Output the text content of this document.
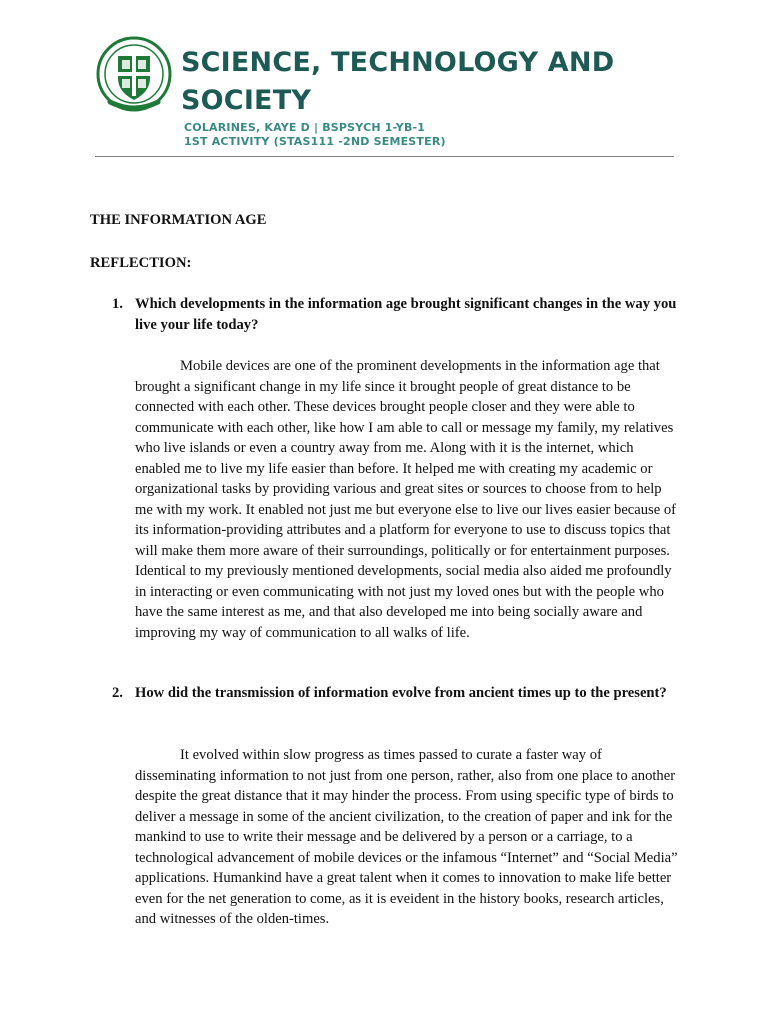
SCIENCE, TECHNOLOGY AND SOCIETY
COLARINES, KAYE D | BSPSYCH 1-YB-1
1ST ACTIVITY (STAS111 -2ND SEMESTER)

THE INFORMATION AGE

REFLECTION:

1. Which developments in the information age brought significant changes in the way you live your life today?

Mobile devices are one of the prominent developments in the information age that brought a significant change in my life since it brought people of great distance to be connected with each other. These devices brought people closer and they were able to communicate with each other, like how I am able to call or message my family, my relatives who live islands or even a country away from me. Along with it is the internet, which enabled me to live my life easier than before. It helped me with creating my academic or organizational tasks by providing various and great sites or sources to choose from to help me with my work. It enabled not just me but everyone else to live our lives easier because of its information-providing attributes and a platform for everyone to use to discuss topics that will make them more aware of their surroundings, politically or for entertainment purposes. Identical to my previously mentioned developments, social media also aided me profoundly in interacting or even communicating with not just my loved ones but with the people who have the same interest as me, and that also developed me into being socially aware and improving my way of communication to all walks of life.

2. How did the transmission of information evolve from ancient times up to the present?

It evolved within slow progress as times passed to curate a faster way of disseminating information to not just from one person, rather, also from one place to another despite the great distance that it may hinder the process. From using specific type of birds to deliver a message in some of the ancient civilization, to the creation of paper and ink for the mankind to use to write their message and be delivered by a person or a carriage, to a technological advancement of mobile devices or the infamous “Internet” and “Social Media” applications. Humankind have a great talent when it comes to innovation to make life better even for the net generation to come, as it is eveident in the history books, research articles, and witnesses of the olden-times.
